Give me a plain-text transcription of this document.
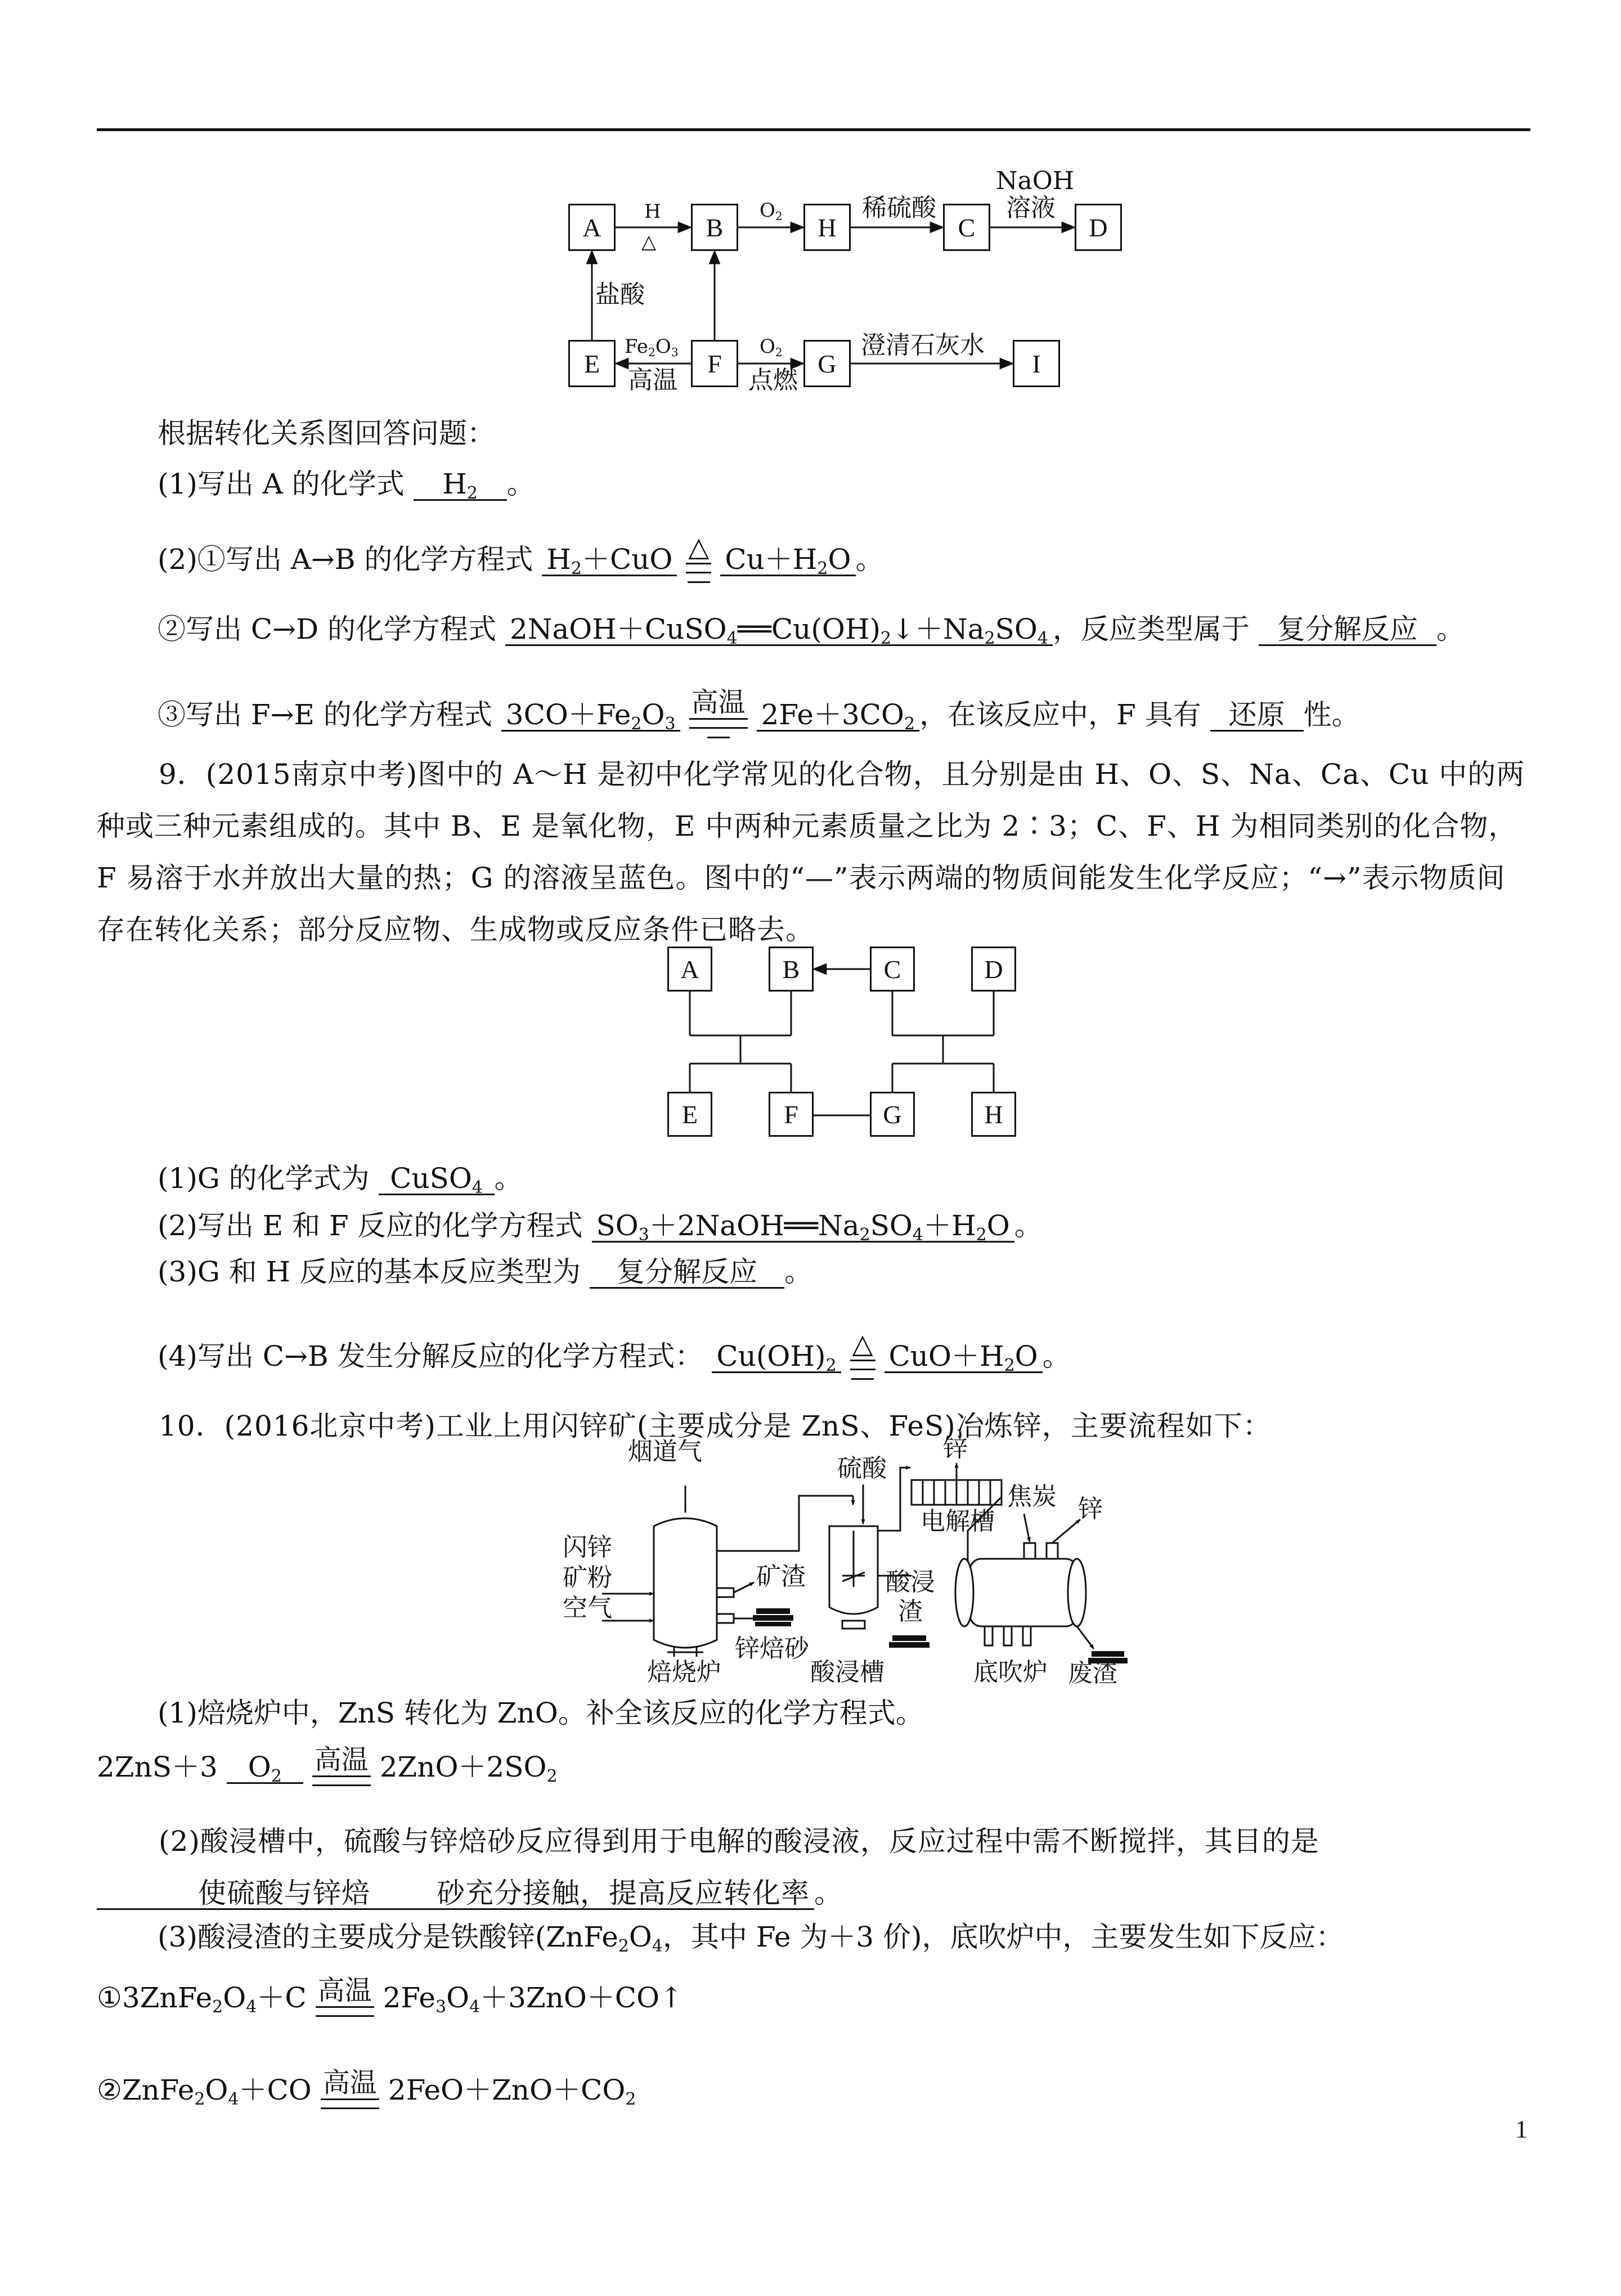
A	B	H	C	D
E	F	G	I
H
△
$O_2$	稀硫酸
NaOH
溶液
盐酸
$Fe_2O_3$
高温
$O_2$
点燃
澄清石灰水
根据转化关系图回答问题：
(1)写出 A 的化学式 $H_2$ 。
(2)①写出 A→B 的化学方程式 $H_2+CuO$ △ $Cu+H_2O$ 。
②写出 C→D 的化学方程式 $2NaOH+CuSO_4══Cu(OH)_2↓+Na_2SO_4$ ，反应类型属于 复分解反应 。
③写出 F→E 的化学方程式 $3CO+Fe_2O_3$
高温 $2Fe+3CO_2$ ，在该反应中，F 具有 还原 性。
9．(2015南京中考)图中的 A～H 是初中化学常见的化合物，且分别是由 H、O、S、Na、Ca、Cu 中的两种或三种元素组成的。其中 B、E 是氧化物，E 中两种元素质量之比为 2∶3；C、F、H 为相同类别的化合物，F 易溶于水并放出大量的热；G 的溶液呈蓝色。图中的“—”表示两端的物质间能发生化学反应；“→”表示物质间存在转化关系；部分反应物、生成物或反应条件已略去。
A	B	C	D
E	F	G	H
(1)G 的化学式为 CuSO$_4$ 。
(2)写出 E 和 F 反应的化学方程式 $SO_3+2NaOH══Na_2SO_4+H_2O$ 。
(3)G 和 H 反应的基本反应类型为 复分解反应 。
(4)写出 C→B 发生分解反应的化学方程式： $Cu(OH)_2$
△ $CuO+H_2O$ 。
10．(2016北京中考)工业上用闪锌矿(主要成分是 ZnS、FeS)冶炼锌，主要流程如下：
烟道气
闪锌
矿粉
空气
焙烧炉
矿渣
锌焙砂
硫酸
锌
电解槽
酸浸
渣
酸浸槽
焦炭 锌
底吹炉 废渣
(1)焙烧炉中，ZnS 转化为 ZnO。补全该反应的化学方程式。
2ZnS＋3 $O_2$
高温 $2ZnO+2SO_2$
(2)酸浸槽中，硫酸与锌焙砂反应得到用于电解的酸浸液，反应过程中需不断搅拌，其目的是使硫酸与锌焙 砂充分接触，提高反应转化率 。
(3)酸浸渣的主要成分是铁酸锌($ZnFe_2O_4$，其中 Fe 为＋3 价)，底吹炉中，主要发生如下反应：
$①3ZnFe_2O_4+C$ 高温 $2Fe_3O_4+3ZnO+CO↑$
$②ZnFe_2O_4+CO$ 高温 $2FeO+ZnO+CO_2$
1
